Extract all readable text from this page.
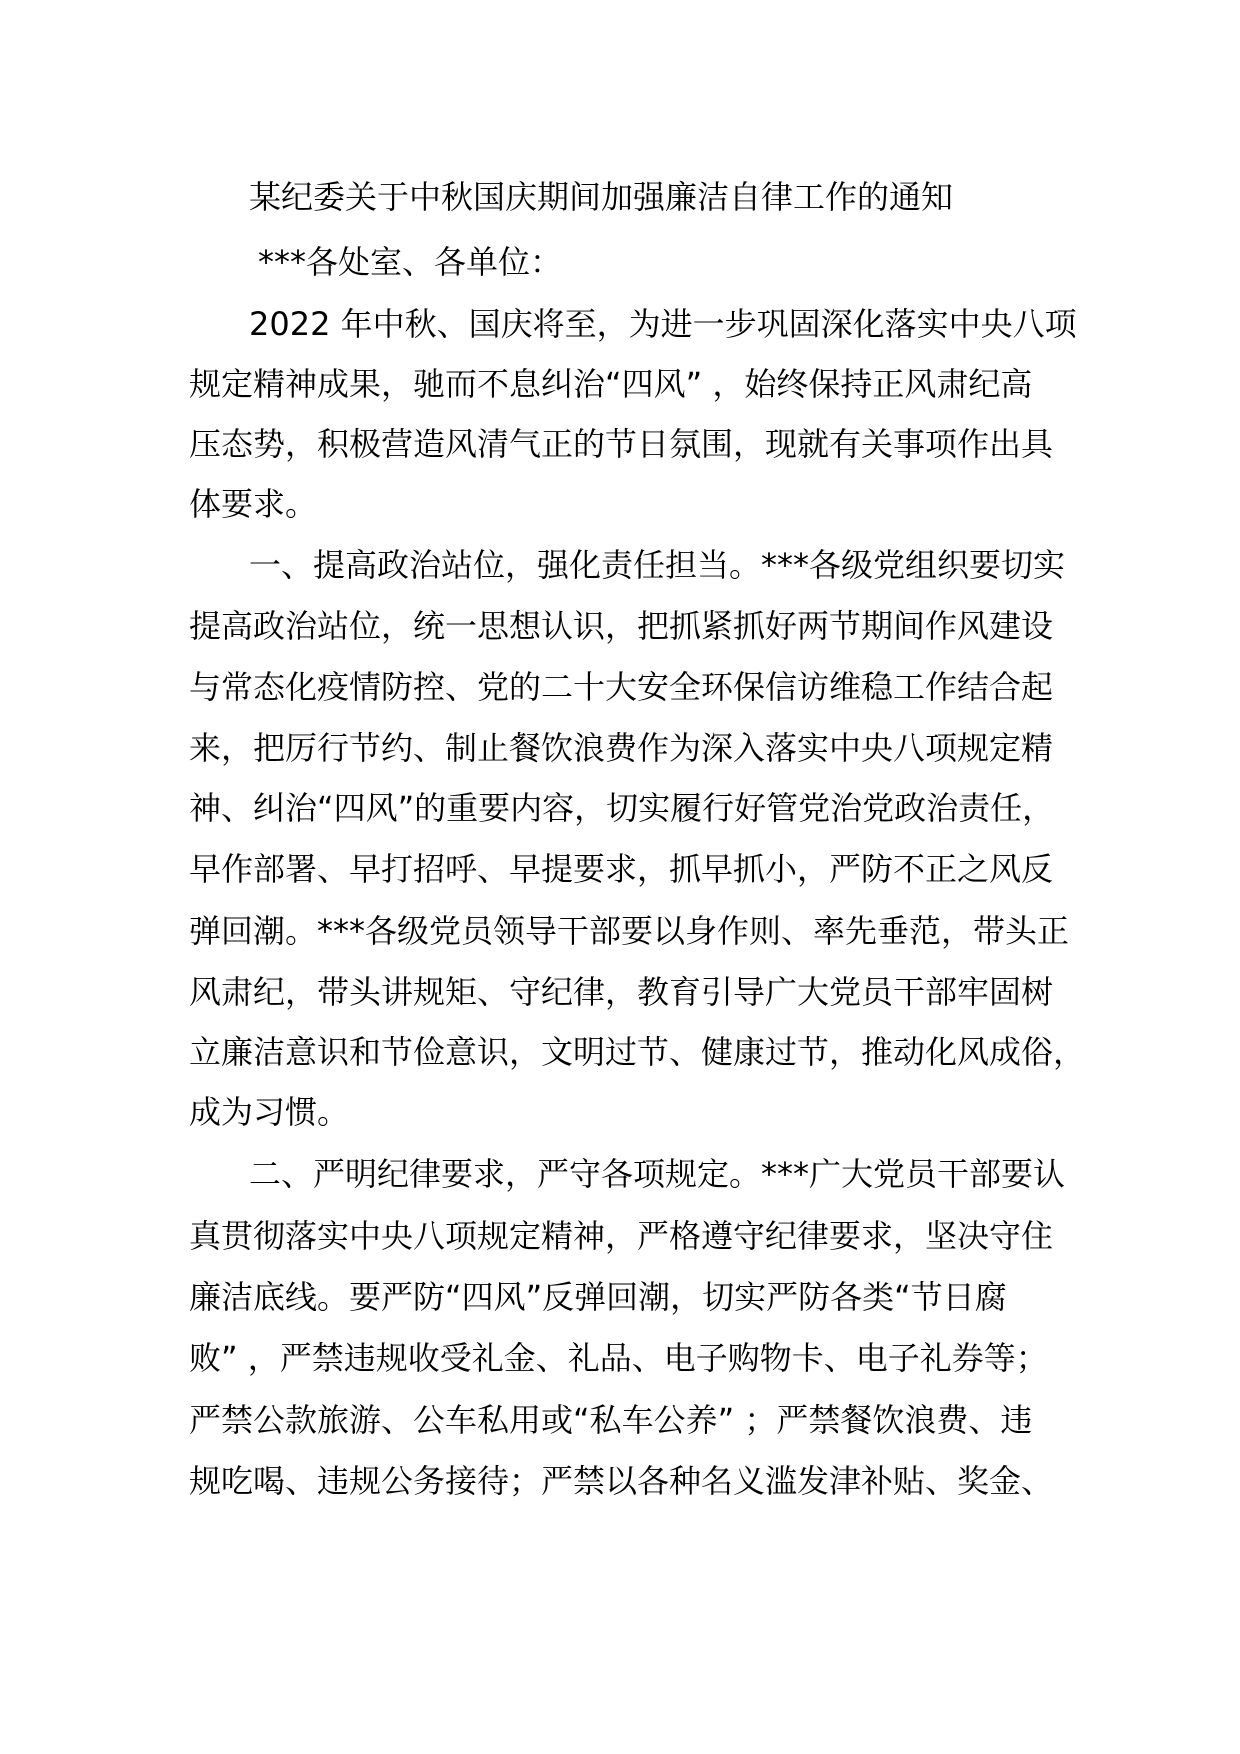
某纪委关于中秋国庆期间加强廉洁自律工作的通知
***各处室、各单位：
2022 年中秋、国庆将至，为进一步巩固深化落实中央八项
规定精神成果，驰而不息纠治“四风” ，始终保持正风肃纪高
压态势，积极营造风清气正的节日氛围，现就有关事项作出具
体要求。
一、提高政治站位，强化责任担当。***各级党组织要切实
提高政治站位，统一思想认识，把抓紧抓好两节期间作风建设
与常态化疫情防控、党的二十大安全环保信访维稳工作结合起
来，把厉行节约、制止餐饮浪费作为深入落实中央八项规定精
神、纠治“四风”的重要内容，切实履行好管党治党政治责任，
早作部署、早打招呼、早提要求，抓早抓小，严防不正之风反
弹回潮。***各级党员领导干部要以身作则、率先垂范，带头正
风肃纪，带头讲规矩、守纪律，教育引导广大党员干部牢固树
立廉洁意识和节俭意识，文明过节、健康过节，推动化风成俗，
成为习惯。
二、严明纪律要求，严守各项规定。***广大党员干部要认
真贯彻落实中央八项规定精神，严格遵守纪律要求，坚决守住
廉洁底线。要严防“四风”反弹回潮，切实严防各类“节日腐
败” ，严禁违规收受礼金、礼品、电子购物卡、电子礼券等；
严禁公款旅游、公车私用或“私车公养” ；严禁餐饮浪费、违
规吃喝、违规公务接待；严禁以各种名义滥发津补贴、奖金、
